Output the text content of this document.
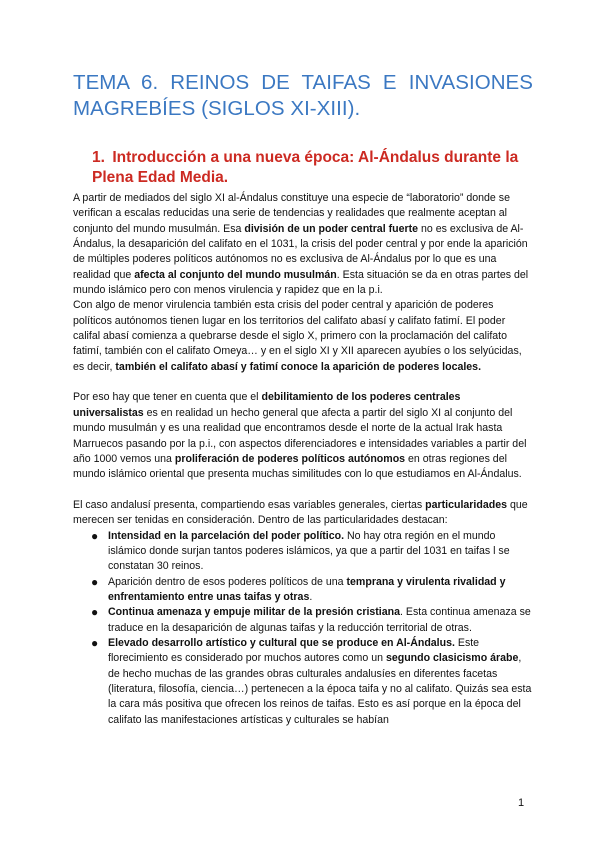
TEMA 6. REINOS DE TAIFAS E INVASIONES MAGREBÍES (SIGLOS XI-XIII).
1. Introducción a una nueva época: Al-Ándalus durante la Plena Edad Media.

A partir de mediados del siglo XI al-Ándalus constituye una especie de “laboratorio” donde se verifican a escalas reducidas una serie de tendencias y realidades que realmente aceptan al conjunto del mundo musulmán. Esa división de un poder central fuerte no es exclusiva de Al-Ándalus, la desaparición del califato en el 1031, la crisis del poder central y por ende la aparición de múltiples poderes políticos autónomos no es exclusiva de Al-Ándalus por lo que es una realidad que afecta al conjunto del mundo musulmán. Esta situación se da en otras partes del mundo islámico pero con menos virulencia y rapidez que en la p.i.

Con algo de menor virulencia también esta crisis del poder central y aparición de poderes políticos autónomos tienen lugar en los territorios del califato abasí y califato fatimí. El poder califal abasí comienza a quebrarse desde el siglo X, primero con la proclamación del califato fatimí, también con el califato Omeya… y en el siglo XI y XII aparecen ayubíes o los selyúcidas, es decir, también el califato abasí y fatimí conoce la aparición de poderes locales.

Por eso hay que tener en cuenta que el debilitamiento de los poderes centrales universalistas es en realidad un hecho general que afecta a partir del siglo XI al conjunto del mundo musulmán y es una realidad que encontramos desde el norte de la actual Irak hasta Marruecos pasando por la p.i., con aspectos diferenciadores e intensidades variables a partir del año 1000 vemos una proliferación de poderes políticos autónomos en otras regiones del mundo islámico oriental que presenta muchas similitudes con lo que estudiamos en Al-Ándalus.

El caso andalusí presenta, compartiendo esas variables generales, ciertas particularidades que merecen ser tenidas en consideración. Dentro de las particularidades destacan:

● Intensidad en la parcelación del poder político. No hay otra región en el mundo islámico donde surjan tantos poderes islámicos, ya que a partir del 1031 en taifas l se constatan 30 reinos.
● Aparición dentro de esos poderes políticos de una temprana y virulenta rivalidad y enfrentamiento entre unas taifas y otras.
● Continua amenaza y empuje militar de la presión cristiana. Esta continua amenaza se traduce en la desaparición de algunas taifas y la reducción territorial de otras.
● Elevado desarrollo artístico y cultural que se produce en Al-Ándalus. Este florecimiento es considerado por muchos autores como un segundo clasicismo árabe, de hecho muchas de las grandes obras culturales andalusíes en diferentes facetas (literatura, filosofía, ciencia…) pertenecen a la época taifa y no al califato. Quizás sea esta la cara más positiva que ofrecen los reinos de taifas. Esto es así porque en la época del califato las manifestaciones artísticas y culturales se habían
1
